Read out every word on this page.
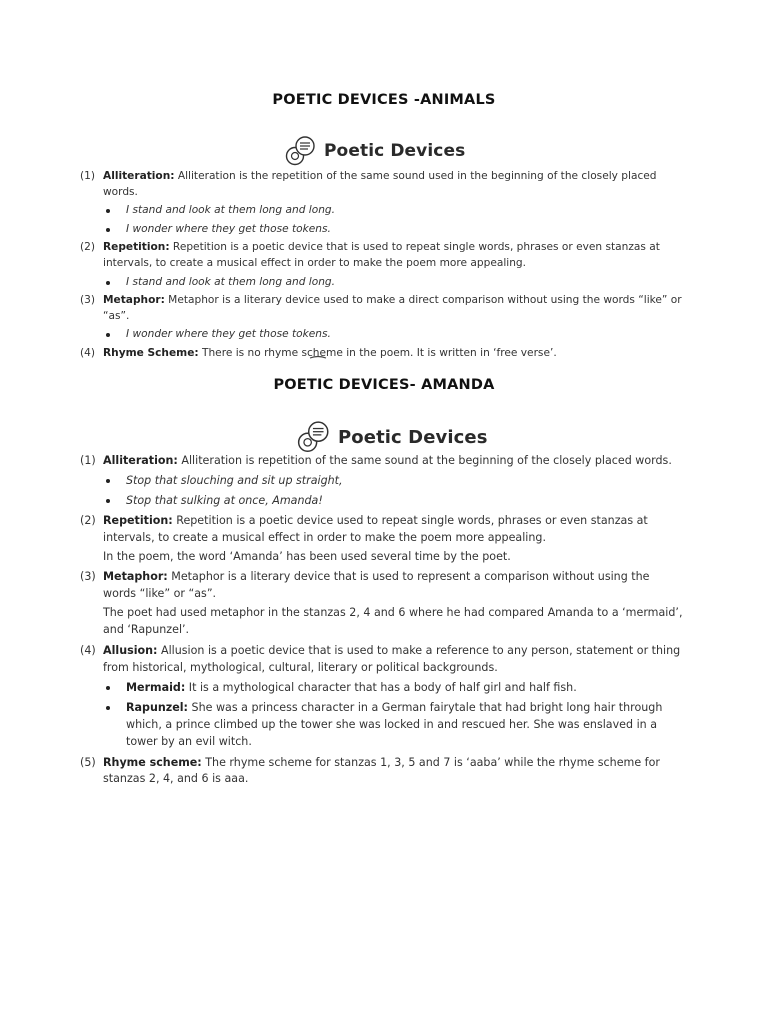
POETIC DEVICES -ANIMALS
Poetic Devices
(1) Alliteration: Alliteration is the repetition of the same sound used in the beginning of the closely placed words.
I stand and look at them long and long.
I wonder where they get those tokens.
(2) Repetition: Repetition is a poetic device that is used to repeat single words, phrases or even stanzas at intervals, to create a musical effect in order to make the poem more appealing.
I stand and look at them long and long.
(3) Metaphor: Metaphor is a literary device used to make a direct comparison without using the words “like” or “as”.
I wonder where they get those tokens.
(4) Rhyme Scheme: There is no rhyme scheme in the poem. It is written in ‘free verse’.
POETIC DEVICES- AMANDA
Poetic Devices
(1) Alliteration: Alliteration is repetition of the same sound at the beginning of the closely placed words.
Stop that slouching and sit up straight,
Stop that sulking at once, Amanda!
(2) Repetition: Repetition is a poetic device used to repeat single words, phrases or even stanzas at intervals, to create a musical effect in order to make the poem more appealing.
In the poem, the word ‘Amanda’ has been used several time by the poet.
(3) Metaphor: Metaphor is a literary device that is used to represent a comparison without using the words “like” or “as”.
The poet had used metaphor in the stanzas 2, 4 and 6 where he had compared Amanda to a ‘mermaid’, and ‘Rapunzel’.
(4) Allusion: Allusion is a poetic device that is used to make a reference to any person, statement or thing from historical, mythological, cultural, literary or political backgrounds.
Mermaid: It is a mythological character that has a body of half girl and half fish.
Rapunzel: She was a princess character in a German fairytale that had bright long hair through which, a prince climbed up the tower she was locked in and rescued her. She was enslaved in a tower by an evil witch.
(5) Rhyme scheme: The rhyme scheme for stanzas 1, 3, 5 and 7 is ‘aaba’ while the rhyme scheme for stanzas 2, 4, and 6 is aaa.
